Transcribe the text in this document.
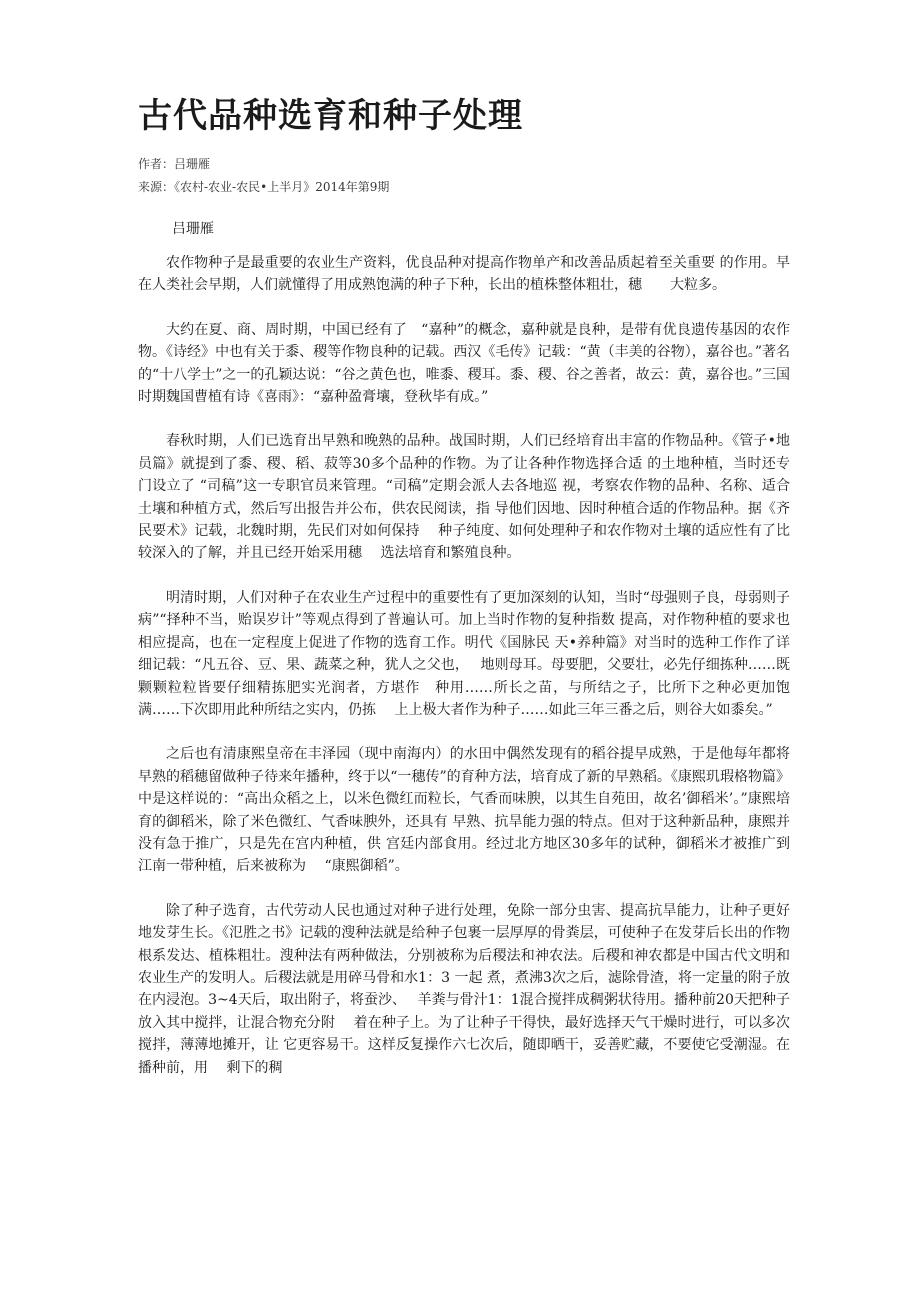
古代品种选育和种子处理
作者：吕珊雁
来源：《农村-农业-农民•上半月》2014年第9期
吕珊雁

农作物种子是最重要的农业生产资料，优良品种对提高作物单产和改善品质起着至关重要 的作用。早在人类社会早期，人们就懂得了用成熟饱满的种子下种，长出的植株整体粗壮，穗　　大粒多。

大约在夏、商、周时期，中国已经有了　“嘉种”的概念，嘉种就是良种，是带有优良遗传基因的农作物。《诗经》中也有关于黍、稷等作物良种的记载。西汉《毛传》记载：“黄（丰美的谷物），嘉谷也。”著名的“十八学士”之一的孔颖达说：“谷之黄色也，唯黍、稷耳。黍、稷、谷之善者，故云：黄，嘉谷也。”三国时期魏国曹植有诗《喜雨》：“嘉种盈膏壤，登秋毕有成。”

春秋时期，人们已选育出早熟和晚熟的品种。战国时期，人们已经培育出丰富的作物品种。《管子•地员篇》就提到了黍、稷、稻、菽等30多个品种的作物。为了让各种作物选择合适 的土地种植，当时还专门设立了 “司稿”这一专职官员来管理。“司稿”定期会派人去各地巡 视，考察农作物的品种、名称、适合土壤和种植方式，然后写出报告并公布，供农民阅读，指 导他们因地、因时种植合适的作物品种。据《齐民要术》记载，北魏时期，先民们对如何保持　 种子纯度、如何处理种子和农作物对土壤的适应性有了比较深入的了解，并且已经开始采用穗　 选法培育和繁殖良种。

明清时期，人们对种子在农业生产过程中的重要性有了更加深刻的认知，当时“母强则子良，母弱则子病”“择种不当，贻误岁计”等观点得到了普遍认可。加上当时作物的复种指数 提高，对作物种植的要求也相应提高，也在一定程度上促进了作物的选育工作。明代《国脉民 天•养种篇》对当时的选种工作作了详细记载：“凡五谷、豆、果、蔬菜之种，犹人之父也，　 地则母耳。母要肥，父要壮，必先仔细拣种……既颗颗粒粒皆要仔细精拣肥实光润者，方堪作　种用……所长之苗，与所结之子，比所下之种必更加饱满……下次即用此种所结之实内，仍拣　 上上极大者作为种子……如此三年三番之后，则谷大如黍矣。”

之后也有清康熙皇帝在丰泽园（现中南海内）的水田中偶然发现有的稻谷提早成熟，于是他每年都将早熟的稻穗留做种子待来年播种，终于以“一穗传”的育种方法，培育成了新的早熟稻。《康熙玑瑕格物篇》中是这样说的：“高出众稻之上，以米色微红而粒长，气香而味腴，以其生自苑田，故名’御稻米’。”康熙培育的御稻米，除了米色微红、气香味腴外，还具有 早熟、抗旱能力强的特点。但对于这种新品种，康熙并没有急于推广，只是先在宫内种植，供 宫廷内部食用。经过北方地区30多年的试种，御稻米才被推广到江南一带种植，后来被称为　 “康熙御稻”。

除了种子选育，古代劳动人民也通过对种子进行处理，免除一部分虫害、提高抗旱能力，让种子更好地发芽生长。《氾胜之书》记载的溲种法就是给种子包裹一层厚厚的骨粪层，可使种子在发芽后长出的作物根系发达、植株粗壮。溲种法有两种做法，分别被称为后稷法和神农法。后稷和神农都是中国古代文明和农业生产的发明人。后稷法就是用碎马骨和水1：3 一起 煮，煮沸3次之后，滤除骨渣，将一定量的附子放在内浸泡。3~4天后，取出附子，将蚕沙、　 羊粪与骨汁1：1混合搅拌成稠粥状待用。播种前20天把种子放入其中搅拌，让混合物充分附　 着在种子上。为了让种子干得快，最好选择天气干燥时进行，可以多次搅拌，薄薄地摊开，让 它更容易干。这样反复操作六七次后，随即晒干，妥善贮藏，不要使它受潮湿。在播种前，用　 剩下的稠
